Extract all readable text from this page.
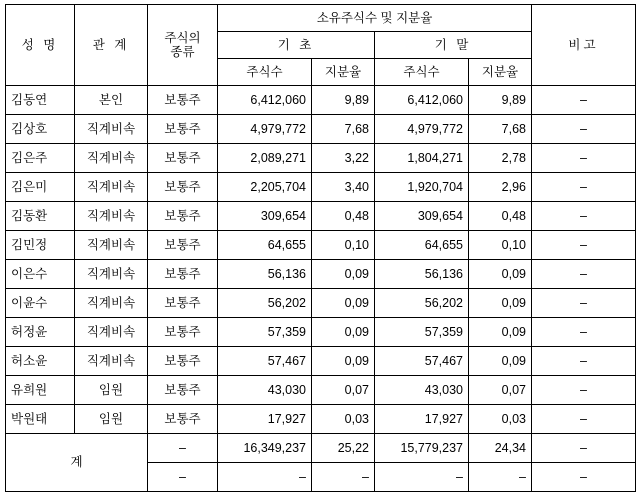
성 명	관 계	주식의
종류	소유주식수 및 지분율				비고
			기 초		기 말		
			주식수	지분율	주식수	지분율	
김동연	본인	보통주	6,412,060	9,89	6,412,060	9,89	–
김상호	직계비속	보통주	4,979,772	7,68	4,979,772	7,68	–
김은주	직계비속	보통주	2,089,271	3,22	1,804,271	2,78	–
김은미	직계비속	보통주	2,205,704	3,40	1,920,704	2,96	–
김동환	직계비속	보통주	309,654	0,48	309,654	0,48	–
김민정	직계비속	보통주	64,655	0,10	64,655	0,10	–
이은수	직계비속	보통주	56,136	0,09	56,136	0,09	–
이윤수	직계비속	보통주	56,202	0,09	56,202	0,09	–
허정윤	직계비속	보통주	57,359	0,09	57,359	0,09	–
허소윤	직계비속	보통주	57,467	0,09	57,467	0,09	–
유희원	임원	보통주	43,030	0,07	43,030	0,07	–
박원태	임원	보통주	17,927	0,03	17,927	0,03	–
계		–	16,349,237	25,22	15,779,237	24,34	–
		–	–	–	–	–	–
